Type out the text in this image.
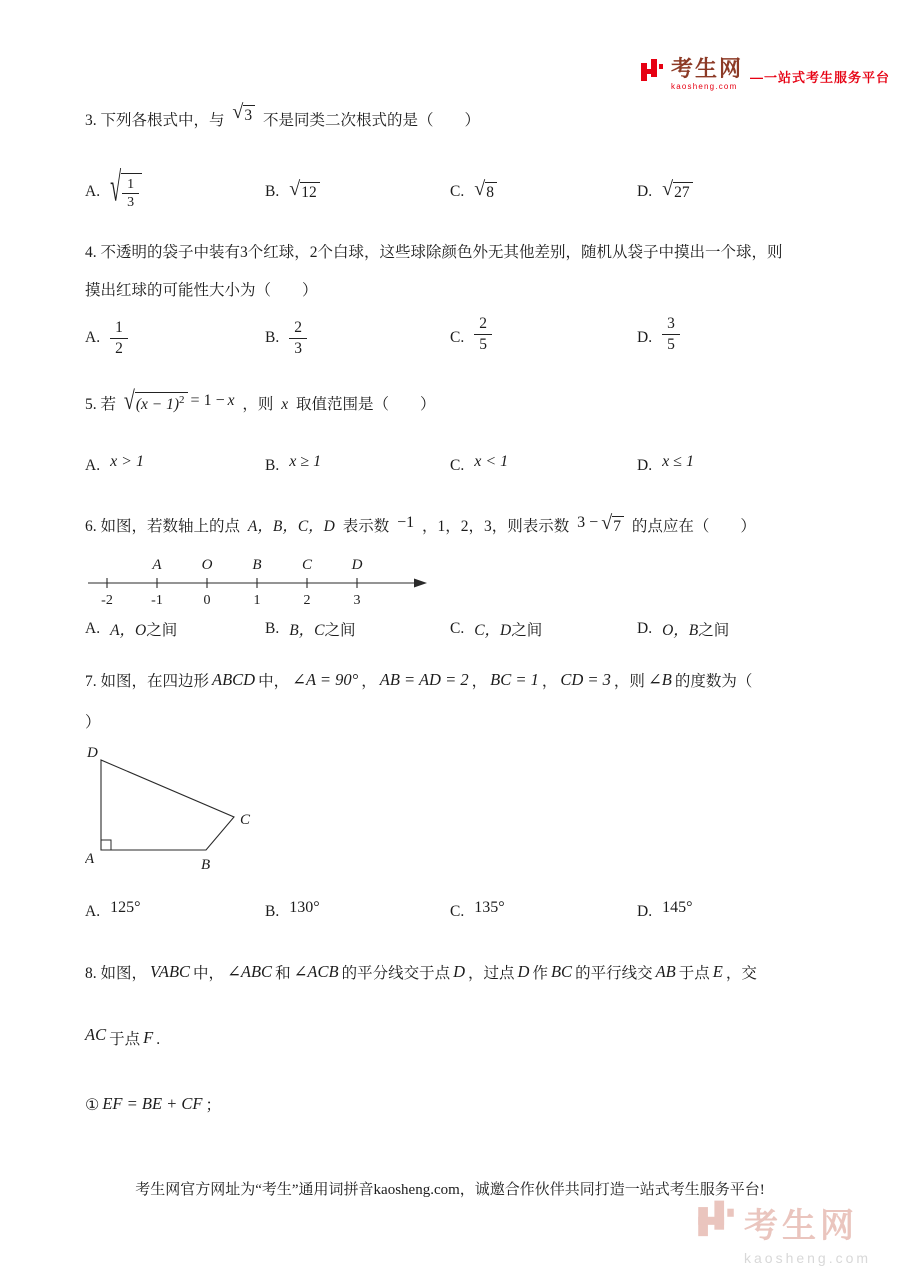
考生网
kaosheng.com
—一站式考生服务平台
3. 下列各根式中，与 √ 3 不是同类二次根式的是（　　）
A. √ $\frac{1}{3}$	B. √ 12	C. √ 8	D. √ 27
4. 不透明的袋子中装有3个红球，2个白球，这些球除颜色外无其他差别，随机从袋子中摸出一个球，则
摸出红球的可能性大小为（　　）
A. $\frac{1}{2}$	B. $\frac{2}{3}$	C. $\frac{2}{5}$	D. $\frac{3}{5}$
5. 若 √ $(x - 1)^2 = 1 - x$ ，则 x 取值范围是（　　）
A. x > 1	B. x ≥ 1	C. x < 1	D. x ≤ 1
6. 如图，若数轴上的点 A，B，C，D 表示数 −1 ，1，2，3，则表示数 3 − √ 7 的点应在（　　）
-2	-1	0	1	2	3
A	O	B	C	D
A. A，O之间	B. B，C之间	C. C，D之间	D. O，B之间
7. 如图，在四边形 ABCD 中， ∠A = 90° ， AB = AD = 2 ， BC = 1 ， CD = 3 ，则 ∠B 的度数为（
）
D
A	B
C
A. 125°	B. 130°	C. 135°	D. 145°
8. 如图， VABC 中， ∠ABC 和 ∠ACB 的平分线交于点 D ，过点 D 作 BC 的平行线交 AB 于点 E ，交
AC 于点 F .
① EF = BE + CF ；
考生网官方网址为“考生”通用词拼音kaosheng.com，诚邀合作伙伴共同打造一站式考生服务平台!
考生网
kaosheng.com
